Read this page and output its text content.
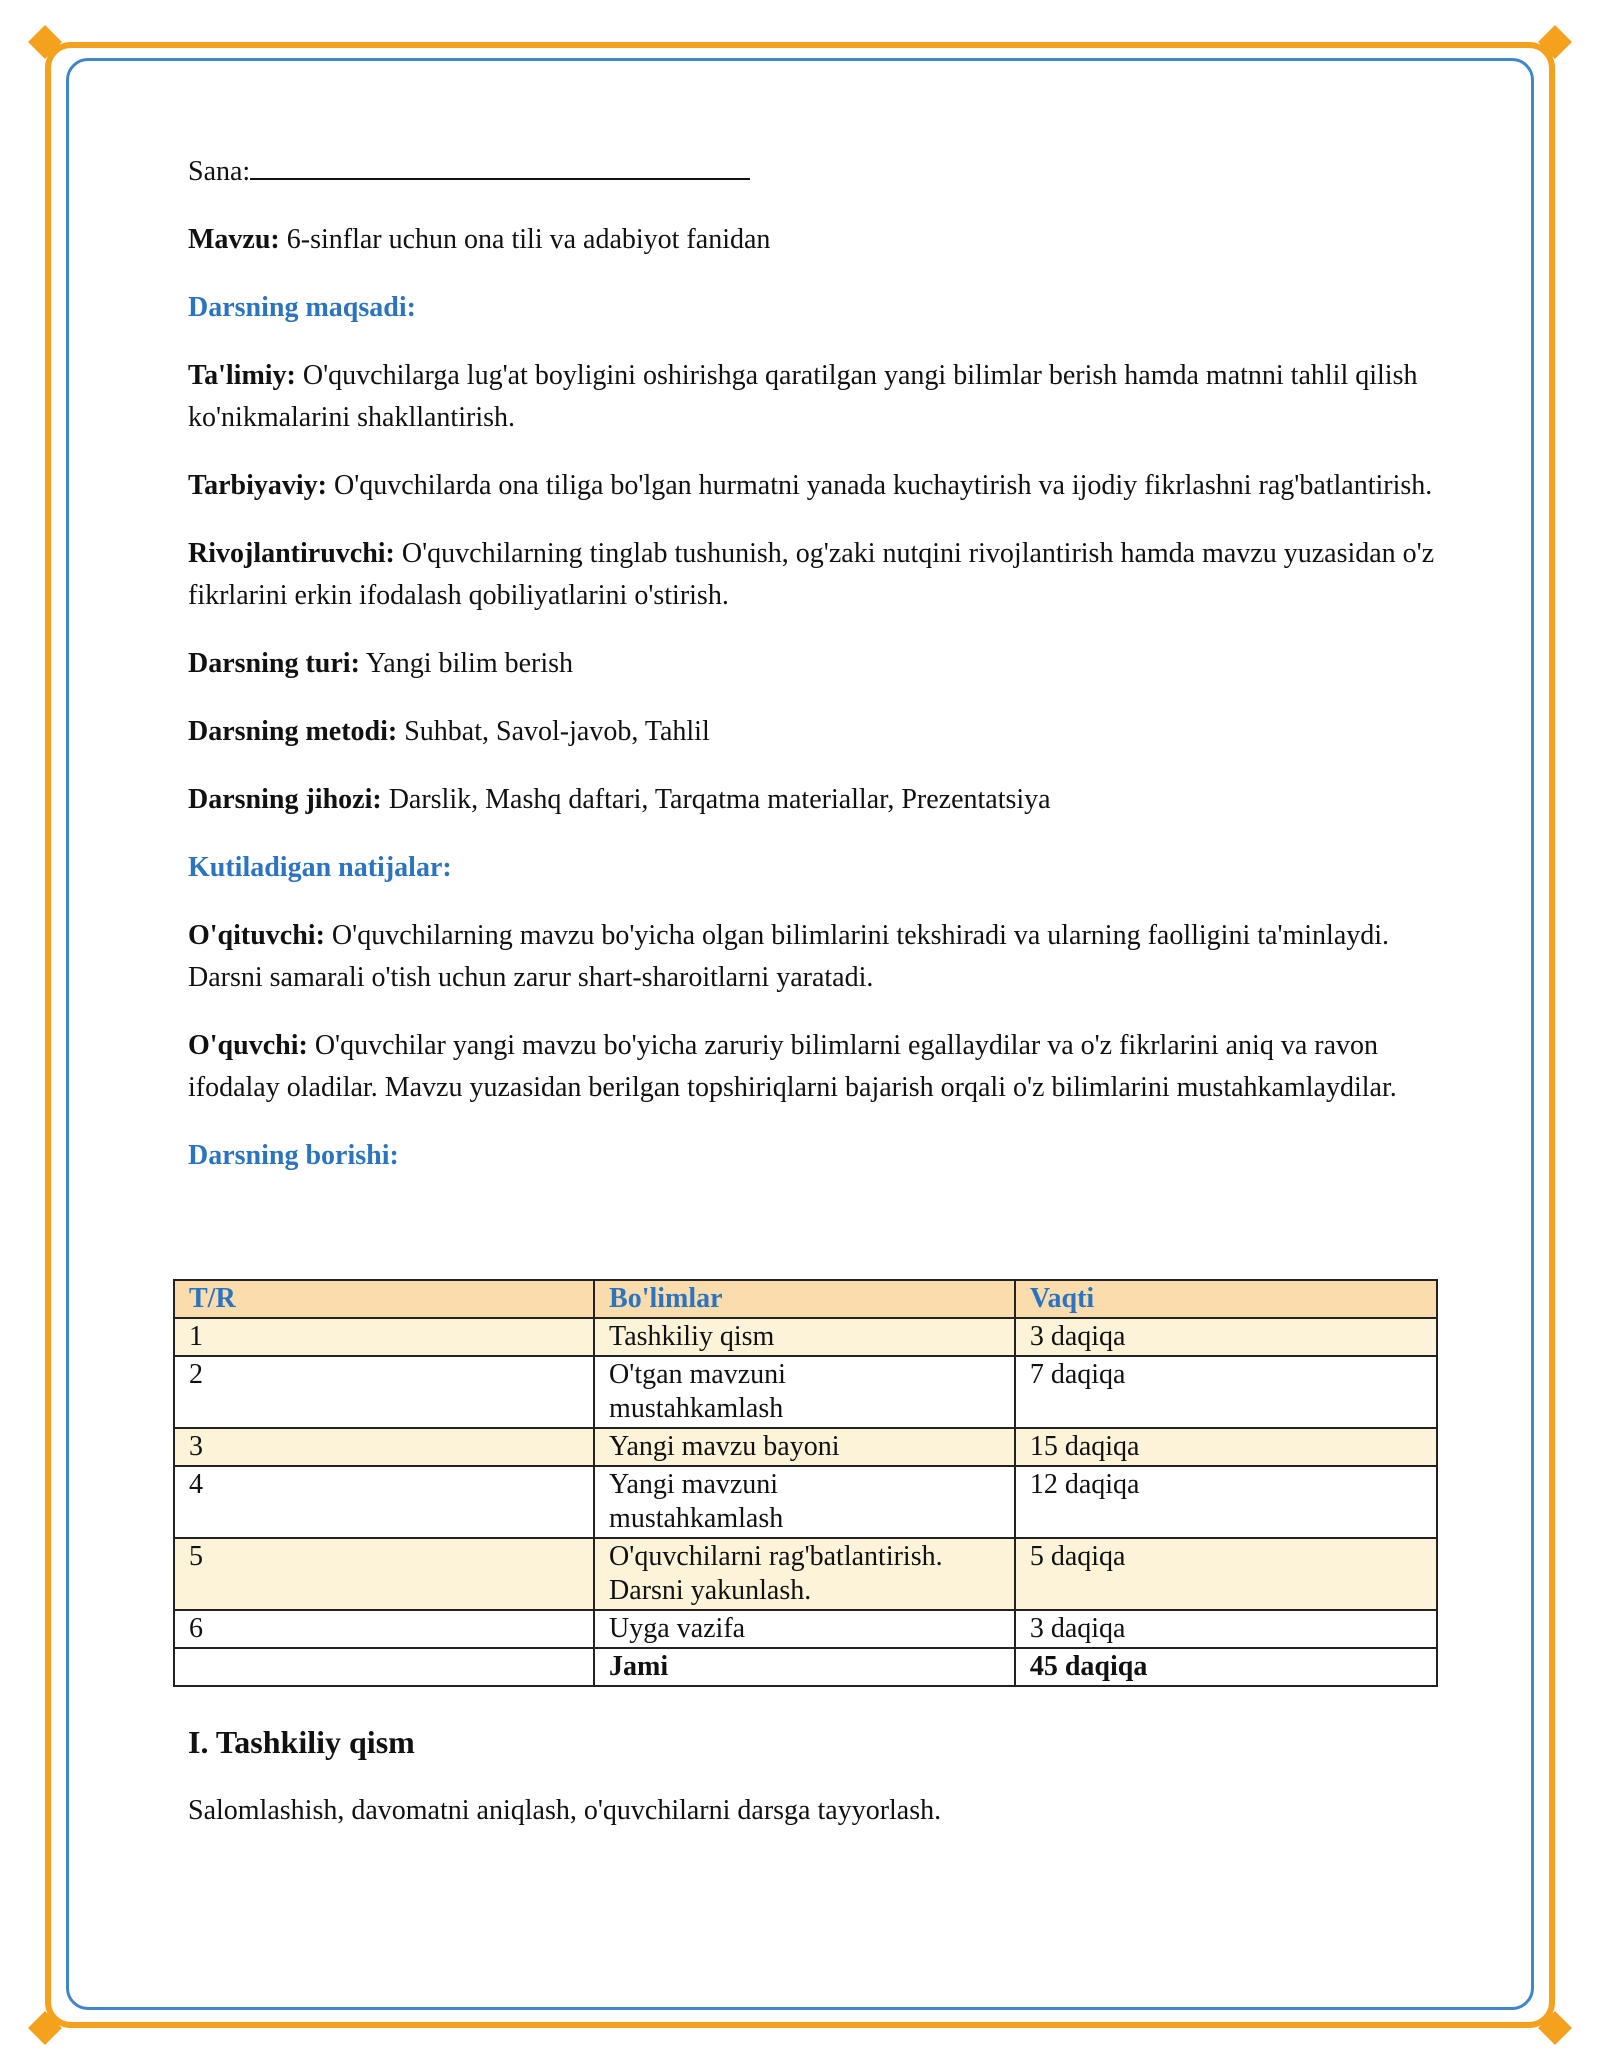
Sana:

Mavzu: 6-sinflar uchun ona tili va adabiyot fanidan

Darsning maqsadi:

Ta'limiy: O'quvchilarga lug'at boyligini oshirishga qaratilgan yangi bilimlar berish hamda matnni tahlil qilish ko'nikmalarini shakllantirish.

Tarbiyaviy: O'quvchilarda ona tiliga bo'lgan hurmatni yanada kuchaytirish va ijodiy fikrlashni rag'batlantirish.

Rivojlantiruvchi: O'quvchilarning tinglab tushunish, og'zaki nutqini rivojlantirish hamda mavzu yuzasidan o'z fikrlarini erkin ifodalash qobiliyatlarini o'stirish.

Darsning turi: Yangi bilim berish

Darsning metodi: Suhbat, Savol-javob, Tahlil

Darsning jihozi: Darslik, Mashq daftari, Tarqatma materiallar, Prezentatsiya

Kutiladigan natijalar:

O'qituvchi: O'quvchilarning mavzu bo'yicha olgan bilimlarini tekshiradi va ularning faolligini ta'minlaydi. Darsni samarali o'tish uchun zarur shart-sharoitlarni yaratadi.

O'quvchi: O'quvchilar yangi mavzu bo'yicha zaruriy bilimlarni egallaydilar va o'z fikrlarini aniq va ravon ifodalay oladilar. Mavzu yuzasidan berilgan topshiriqlarni bajarish orqali o'z bilimlarini mustahkamlaydilar.

Darsning borishi:

T/R	Bo'limlar	Vaqti
1	Tashkiliy qism	3 daqiqa
2	O'tgan mavzuni mustahkamlash	7 daqiqa
3	Yangi mavzu bayoni	15 daqiqa
4	Yangi mavzuni mustahkamlash	12 daqiqa
5	O'quvchilarni rag'batlantirish. Darsni yakunlash.	5 daqiqa
6	Uyga vazifa	3 daqiqa
	Jami	45 daqiqa
I. Tashkiliy qism

Salomlashish, davomatni aniqlash, o'quvchilarni darsga tayyorlash.
